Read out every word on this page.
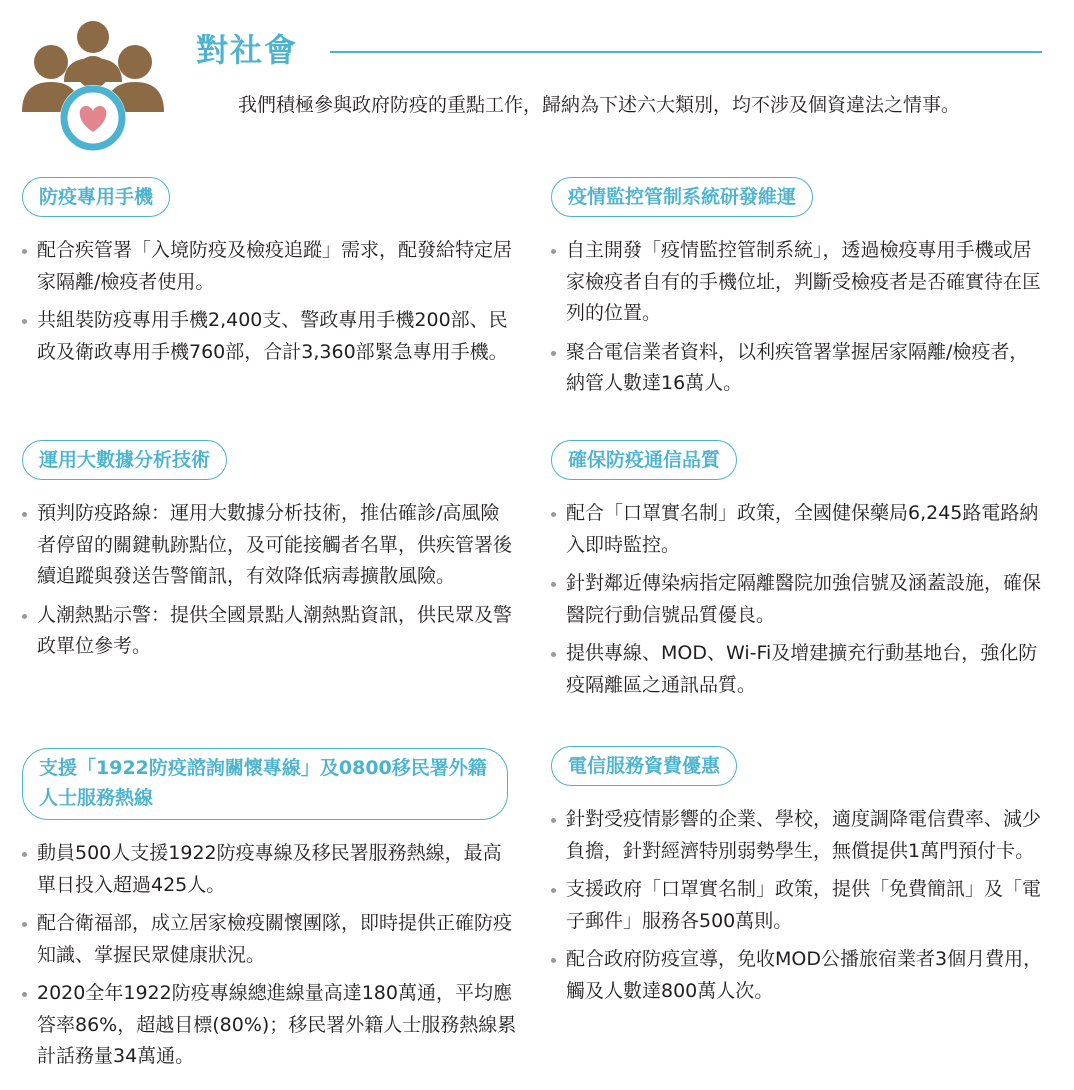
對社會
我們積極參與政府防疫的重點工作，歸納為下述六大類別，均不涉及個資違法之情事。
防疫專用手機
配合疾管署「入境防疫及檢疫追蹤」需求，配發給特定居家隔離/檢疫者使用。
共組裝防疫專用手機2,400支、警政專用手機200部、民政及衛政專用手機760部，合計3,360部緊急專用手機。
疫情監控管制系統研發維運
自主開發「疫情監控管制系統」，透過檢疫專用手機或居家檢疫者自有的手機位址，判斷受檢疫者是否確實待在匡列的位置。
聚合電信業者資料，以利疾管署掌握居家隔離/檢疫者，納管人數達16萬人。
運用大數據分析技術
預判防疫路線：運用大數據分析技術，推估確診/高風險者停留的關鍵軌跡點位，及可能接觸者名單，供疾管署後續追蹤與發送告警簡訊，有效降低病毒擴散風險。
人潮熱點示警：提供全國景點人潮熱點資訊，供民眾及警政單位參考。
確保防疫通信品質
配合「口罩實名制」政策，全國健保藥局6,245路電路納入即時監控。
針對鄰近傳染病指定隔離醫院加強信號及涵蓋設施，確保醫院行動信號品質優良。
提供專線、MOD、Wi-Fi及增建擴充行動基地台，強化防疫隔離區之通訊品質。
支援「1922防疫諮詢關懷專線」及0800移民署外籍人士服務熱線
動員500人支援1922防疫專線及移民署服務熱線，最高單日投入超過425人。
配合衛福部，成立居家檢疫關懷團隊，即時提供正確防疫知識、掌握民眾健康狀況。
2020全年1922防疫專線總進線量高達180萬通，平均應答率86%，超越目標(80%)；移民署外籍人士服務熱線累計話務量34萬通。
電信服務資費優惠
針對受疫情影響的企業、學校，適度調降電信費率、減少負擔，針對經濟特別弱勢學生，無償提供1萬門預付卡。
支援政府「口罩實名制」政策，提供「免費簡訊」及「電子郵件」服務各500萬則。
配合政府防疫宣導，免收MOD公播旅宿業者3個月費用，觸及人數達800萬人次。
